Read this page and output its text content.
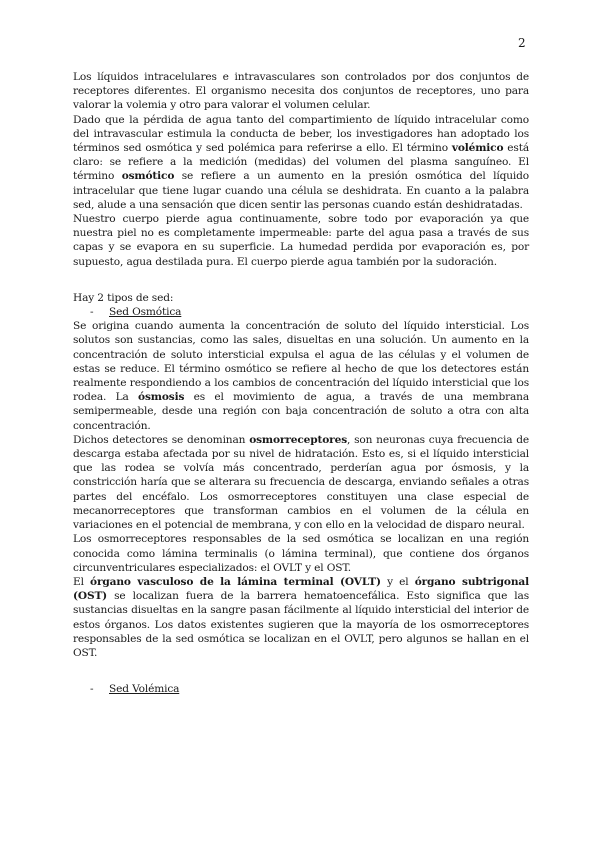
2

Los líquidos intracelulares e intravasculares son controlados por dos conjuntos de receptores diferentes. El organismo necesita dos conjuntos de receptores, uno para valorar la volemia y otro para valorar el volumen celular.

Dado que la pérdida de agua tanto del compartimiento de líquido intracelular como del intravascular estimula la conducta de beber, los investigadores han adoptado los términos sed osmótica y sed polémica para referirse a ello. El término volémico está claro: se refiere a la medición (medidas) del volumen del plasma sanguíneo. El término osmótico se refiere a un aumento en la presión osmótica del líquido intracelular que tiene lugar cuando una célula se deshidrata. En cuanto a la palabra sed, alude a una sensación que dicen sentir las personas cuando están deshidratadas.

Nuestro cuerpo pierde agua continuamente, sobre todo por evaporación ya que nuestra piel no es completamente impermeable: parte del agua pasa a través de sus capas y se evapora en su superficie. La humedad perdida por evaporación es, por supuesto, agua destilada pura. El cuerpo pierde agua también por la sudoración.

Hay 2 tipos de sed:

-	Sed Osmótica

Se origina cuando aumenta la concentración de soluto del líquido intersticial. Los solutos son sustancias, como las sales, disueltas en una solución. Un aumento en la concentración de soluto intersticial expulsa el agua de las células y el volumen de estas se reduce. El término osmótico se refiere al hecho de que los detectores están realmente respondiendo a los cambios de concentración del líquido intersticial que los rodea. La ósmosis es el movimiento de agua, a través de una membrana semipermeable, desde una región con baja concentración de soluto a otra con alta concentración.

Dichos detectores se denominan osmorreceptores, son neuronas cuya frecuencia de descarga estaba afectada por su nivel de hidratación. Esto es, si el líquido intersticial que las rodea se volvía más concentrado, perderían agua por ósmosis, y la constricción haría que se alterara su frecuencia de descarga, enviando señales a otras partes del encéfalo. Los osmorreceptores constituyen una clase especial de mecanorreceptores que transforman cambios en el volumen de la célula en variaciones en el potencial de membrana, y con ello en la velocidad de disparo neural.

Los osmorreceptores responsables de la sed osmótica se localizan en una región conocida como lámina terminalis (o lámina terminal), que contiene dos órganos circunventriculares especializados: el OVLT y el OST.

El órgano vasculoso de la lámina terminal (OVLT) y el órgano subtrigonal (OST) se localizan fuera de la barrera hematoencefálica. Esto significa que las sustancias disueltas en la sangre pasan fácilmente al líquido intersticial del interior de estos órganos. Los datos existentes sugieren que la mayoría de los osmorreceptores responsables de la sed osmótica se localizan en el OVLT, pero algunos se hallan en el OST.

-	Sed Volémica
